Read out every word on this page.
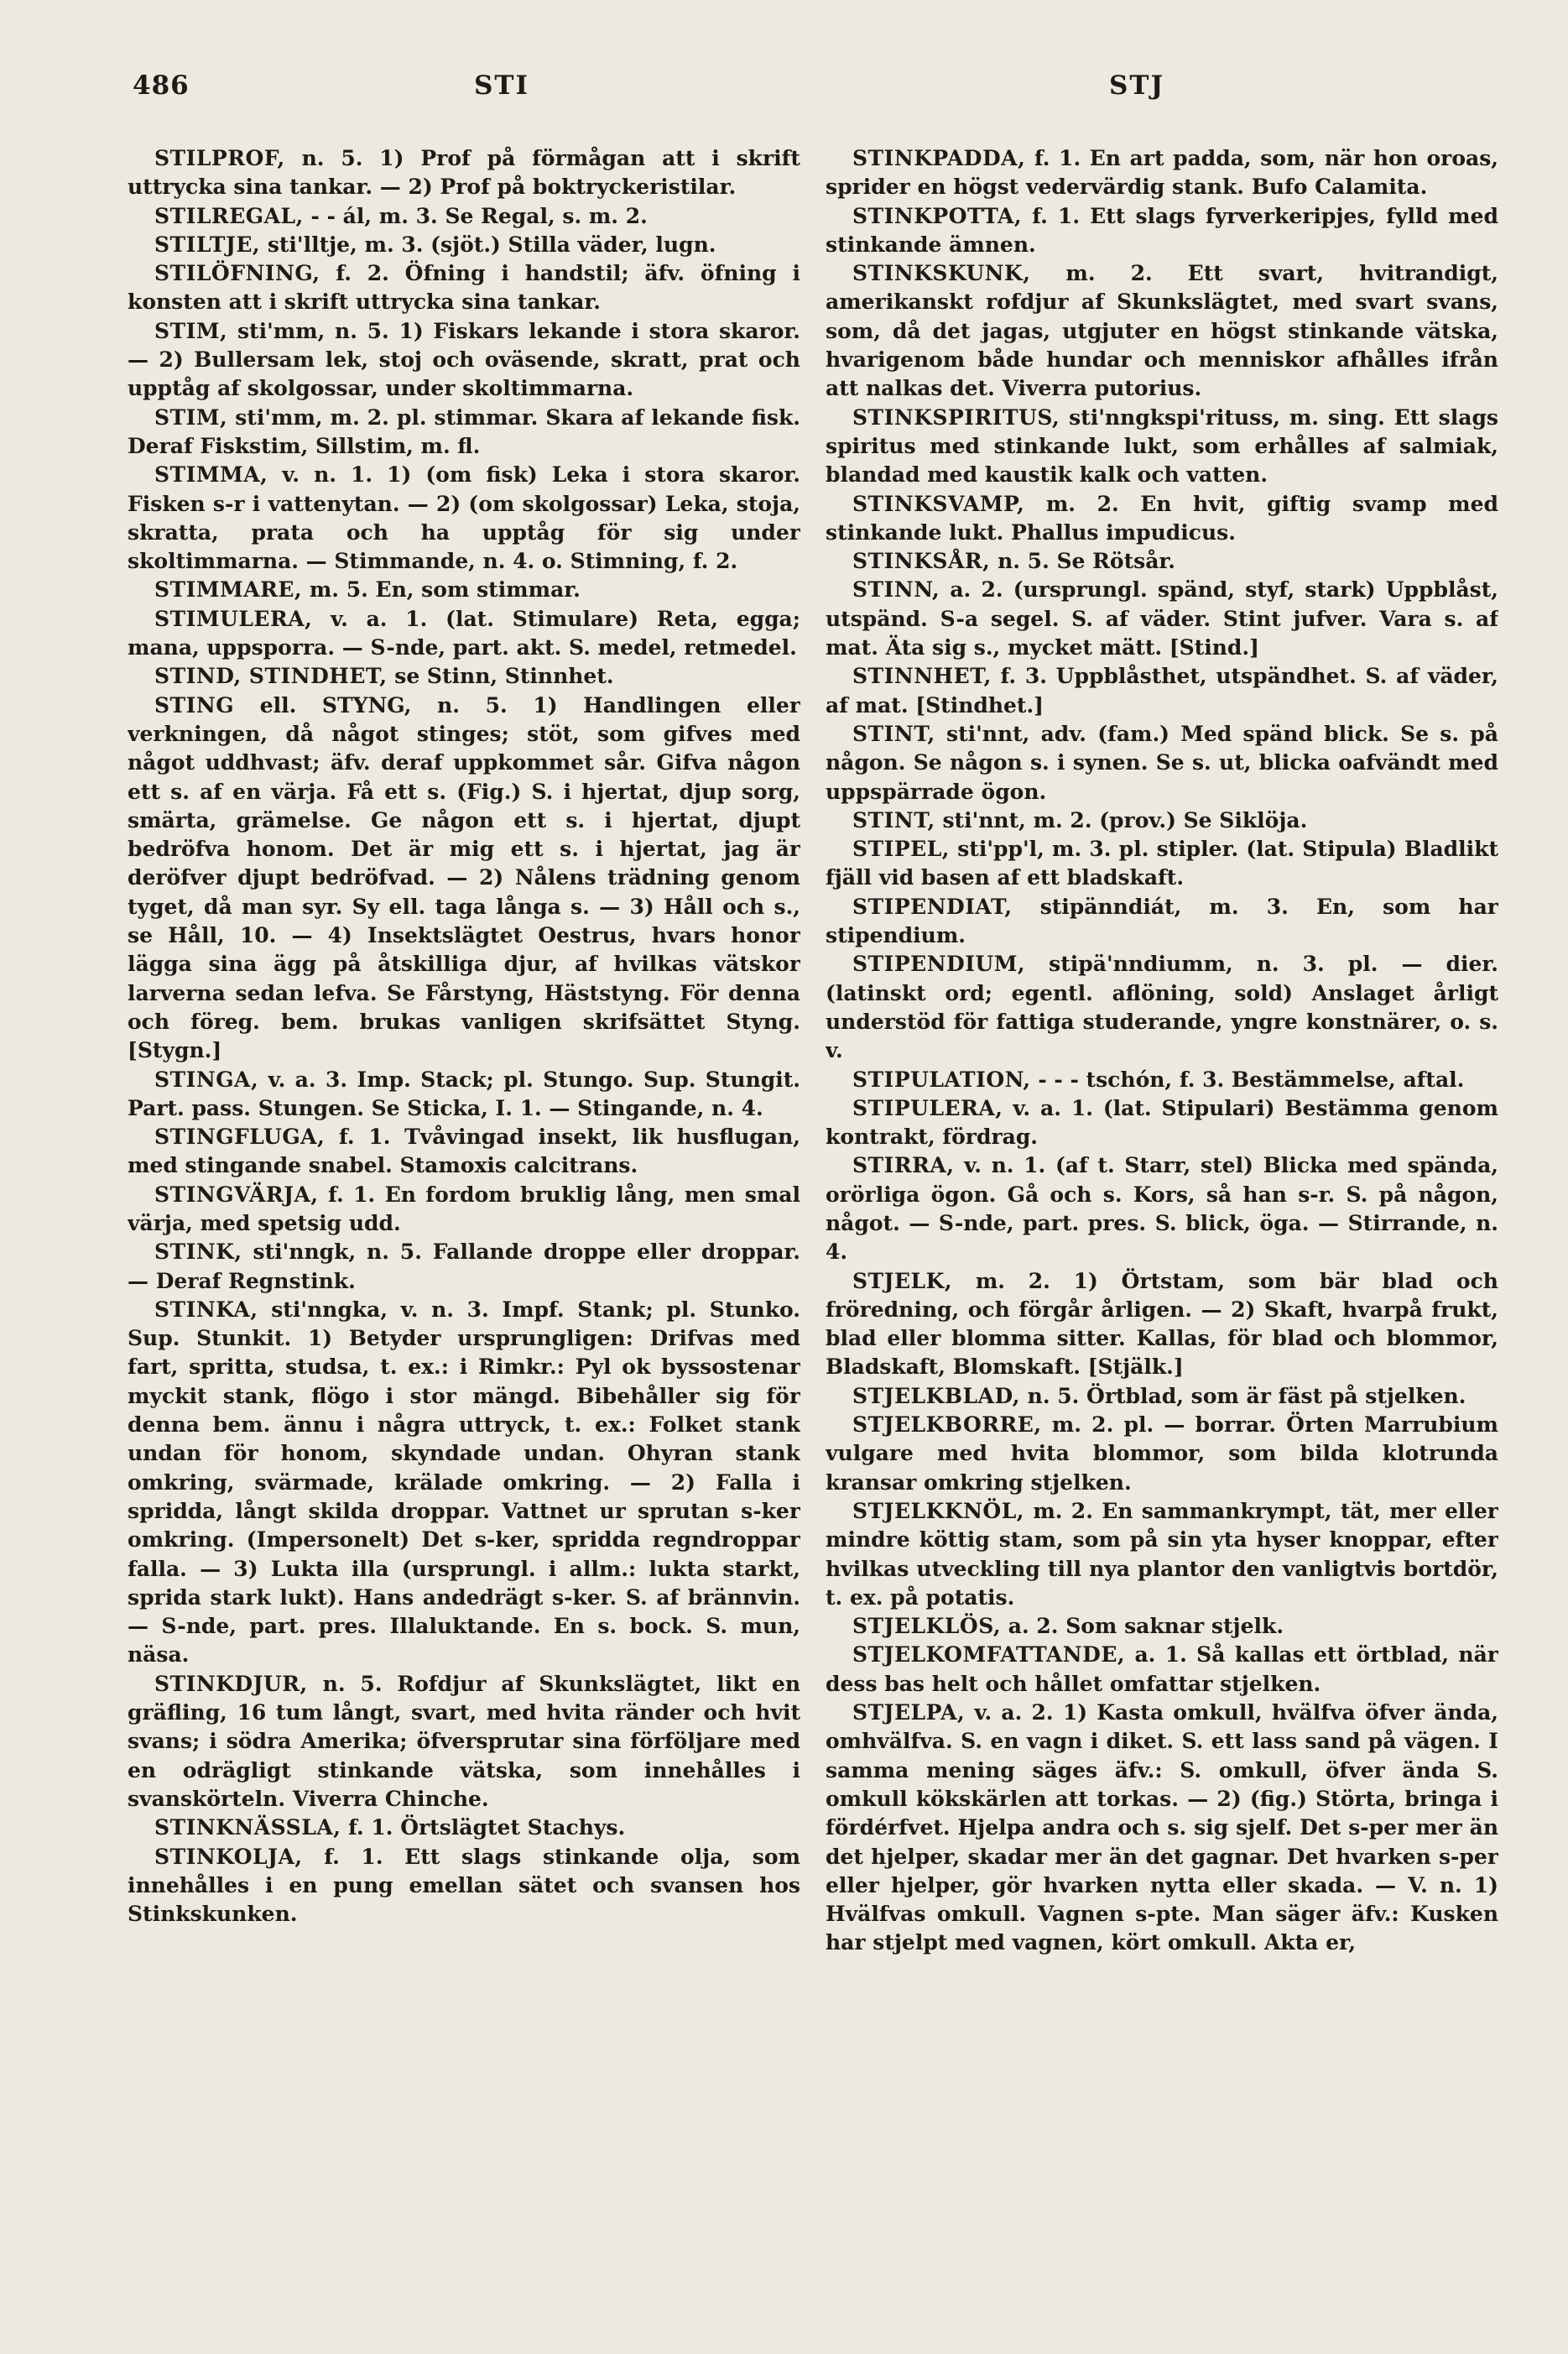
486	STI	STJ

STILPROF, n. 5. 1) Prof på förmågan att i skrift uttrycka sina tankar. — 2) Prof på boktryckeristilar.

STILREGAL, - - ál, m. 3. Se Regal, s. m. 2.

STILTJE, sti'lltje, m. 3. (sjöt.) Stilla väder, lugn.

STILÖFNING, f. 2. Öfning i handstil; äfv. öfning i konsten att i skrift uttrycka sina tankar.

STIM, sti'mm, n. 5. 1) Fiskars lekande i stora skaror. — 2) Bullersam lek, stoj och oväsende, skratt, prat och upptåg af skolgossar, under skoltimmarna.

STIM, sti'mm, m. 2. pl. stimmar. Skara af lekande fisk. Deraf Fiskstim, Sillstim, m. fl.

STIMMA, v. n. 1. 1) (om fisk) Leka i stora skaror. Fisken s-r i vattenytan. — 2) (om skolgossar) Leka, stoja, skratta, prata och ha upptåg för sig under skoltimmarna. — Stimmande, n. 4. o. Stimning, f. 2.

STIMMARE, m. 5. En, som stimmar.

STIMULERA, v. a. 1. (lat. Stimulare) Reta, egga; mana, uppsporra. — S-nde, part. akt. S. medel, retmedel.

STIND, STINDHET, se Stinn, Stinnhet.

STING ell. STYNG, n. 5. 1) Handlingen eller verkningen, då något stinges; stöt, som gifves med något uddhvast; äfv. deraf uppkommet sår. Gifva någon ett s. af en värja. Få ett s. (Fig.) S. i hjertat, djup sorg, smärta, grämelse. Ge någon ett s. i hjertat, djupt bedröfva honom. Det är mig ett s. i hjertat, jag är deröfver djupt bedröfvad. — 2) Nålens trädning genom tyget, då man syr. Sy ell. taga långa s. — 3) Håll och s., se Håll, 10. — 4) Insektslägtet Oestrus, hvars honor lägga sina ägg på åtskilliga djur, af hvilkas vätskor larverna sedan lefva. Se Fårstyng, Häststyng. För denna och föreg. bem. brukas vanligen skrifsättet Styng. [Stygn.]

STINGA, v. a. 3. Imp. Stack; pl. Stungo. Sup. Stungit. Part. pass. Stungen. Se Sticka, I. 1. — Stingande, n. 4.

STINGFLUGA, f. 1. Tvåvingad insekt, lik husflugan, med stingande snabel. Stamoxis calcitrans.

STINGVÄRJA, f. 1. En fordom bruklig lång, men smal värja, med spetsig udd.

STINK, sti'nngk, n. 5. Fallande droppe eller droppar. — Deraf Regnstink.

STINKA, sti'nngka, v. n. 3. Impf. Stank; pl. Stunko. Sup. Stunkit. 1) Betyder ursprungligen: Drifvas med fart, spritta, studsa, t. ex.: i Rimkr.: Pyl ok byssostenar myckit stank, flögo i stor mängd. Bibehåller sig för denna bem. ännu i några uttryck, t. ex.: Folket stank undan för honom, skyndade undan. Ohyran stank omkring, svärmade, krälade omkring. — 2) Falla i spridda, långt skilda droppar. Vattnet ur sprutan s-ker omkring. (Impersonelt) Det s-ker, spridda regndroppar falla. — 3) Lukta illa (ursprungl. i allm.: lukta starkt, sprida stark lukt). Hans andedrägt s-ker. S. af brännvin. — S-nde, part. pres. Illaluktande. En s. bock. S. mun, näsa.

STINKDJUR, n. 5. Rofdjur af Skunkslägtet, likt en gräfling, 16 tum långt, svart, med hvita ränder och hvit svans; i södra Amerika; öfversprutar sina förföljare med en odrägligt stinkande vätska, som innehålles i svanskörteln. Viverra Chinche.

STINKNÄSSLA, f. 1. Örtslägtet Stachys.

STINKOLJA, f. 1. Ett slags stinkande olja, som innehålles i en pung emellan sätet och svansen hos Stinkskunken.

STINKPADDA, f. 1. En art padda, som, när hon oroas, sprider en högst vedervärdig stank. Bufo Calamita.

STINKPOTTA, f. 1. Ett slags fyrverkeripjes, fylld med stinkande ämnen.

STINKSKUNK, m. 2. Ett svart, hvitrandigt, amerikanskt rofdjur af Skunkslägtet, med svart svans, som, då det jagas, utgjuter en högst stinkande vätska, hvarigenom både hundar och menniskor afhålles ifrån att nalkas det. Viverra putorius.

STINKSPIRITUS, sti'nngkspi'rituss, m. sing. Ett slags spiritus med stinkande lukt, som erhålles af salmiak, blandad med kaustik kalk och vatten.

STINKSVAMP, m. 2. En hvit, giftig svamp med stinkande lukt. Phallus impudicus.

STINKSÅR, n. 5. Se Rötsår.

STINN, a. 2. (ursprungl. spänd, styf, stark) Uppblåst, utspänd. S-a segel. S. af väder. Stint jufver. Vara s. af mat. Äta sig s., mycket mätt. [Stind.]

STINNHET, f. 3. Uppblåsthet, utspändhet. S. af väder, af mat. [Stindhet.]

STINT, sti'nnt, adv. (fam.) Med spänd blick. Se s. på någon. Se någon s. i synen. Se s. ut, blicka oafvändt med uppspärrade ögon.

STINT, sti'nnt, m. 2. (prov.) Se Siklöja.

STIPEL, sti'pp'l, m. 3. pl. stipler. (lat. Stipula) Bladlikt fjäll vid basen af ett bladskaft.

STIPENDIAT, stipänndiát, m. 3. En, som har stipendium.

STIPENDIUM, stipä'nndiumm, n. 3. pl. — dier. (latinskt ord; egentl. aflöning, sold) Anslaget årligt understöd för fattiga studerande, yngre konstnärer, o. s. v.

STIPULATION, - - - tschón, f. 3. Bestämmelse, aftal.

STIPULERA, v. a. 1. (lat. Stipulari) Bestämma genom kontrakt, fördrag.

STIRRA, v. n. 1. (af t. Starr, stel) Blicka med spända, orörliga ögon. Gå och s. Kors, så han s-r. S. på någon, något. — S-nde, part. pres. S. blick, öga. — Stirrande, n. 4.

STJELK, m. 2. 1) Örtstam, som bär blad och fröredning, och förgår årligen. — 2) Skaft, hvarpå frukt, blad eller blomma sitter. Kallas, för blad och blommor, Bladskaft, Blomskaft. [Stjälk.]

STJELKBLAD, n. 5. Örtblad, som är fäst på stjelken.

STJELKBORRE, m. 2. pl. — borrar. Örten Marrubium vulgare med hvita blommor, som bilda klotrunda kransar omkring stjelken.

STJELKKNÖL, m. 2. En sammankrympt, tät, mer eller mindre köttig stam, som på sin yta hyser knoppar, efter hvilkas utveckling till nya plantor den vanligtvis bortdör, t. ex. på potatis.

STJELKLÖS, a. 2. Som saknar stjelk.

STJELKOMFATTANDE, a. 1. Så kallas ett örtblad, när dess bas helt och hållet omfattar stjelken.

STJELPA, v. a. 2. 1) Kasta omkull, hvälfva öfver ända, omhvälfva. S. en vagn i diket. S. ett lass sand på vägen. I samma mening säges äfv.: S. omkull, öfver ända S. omkull kökskärlen att torkas. — 2) (fig.) Störta, bringa i fördérfvet. Hjelpa andra och s. sig sjelf. Det s-per mer än det hjelper, skadar mer än det gagnar. Det hvarken s-per eller hjelper, gör hvarken nytta eller skada. — V. n. 1) Hvälfvas omkull. Vagnen s-pte. Man säger äfv.: Kusken har stjelpt med vagnen, kört omkull. Akta er,
